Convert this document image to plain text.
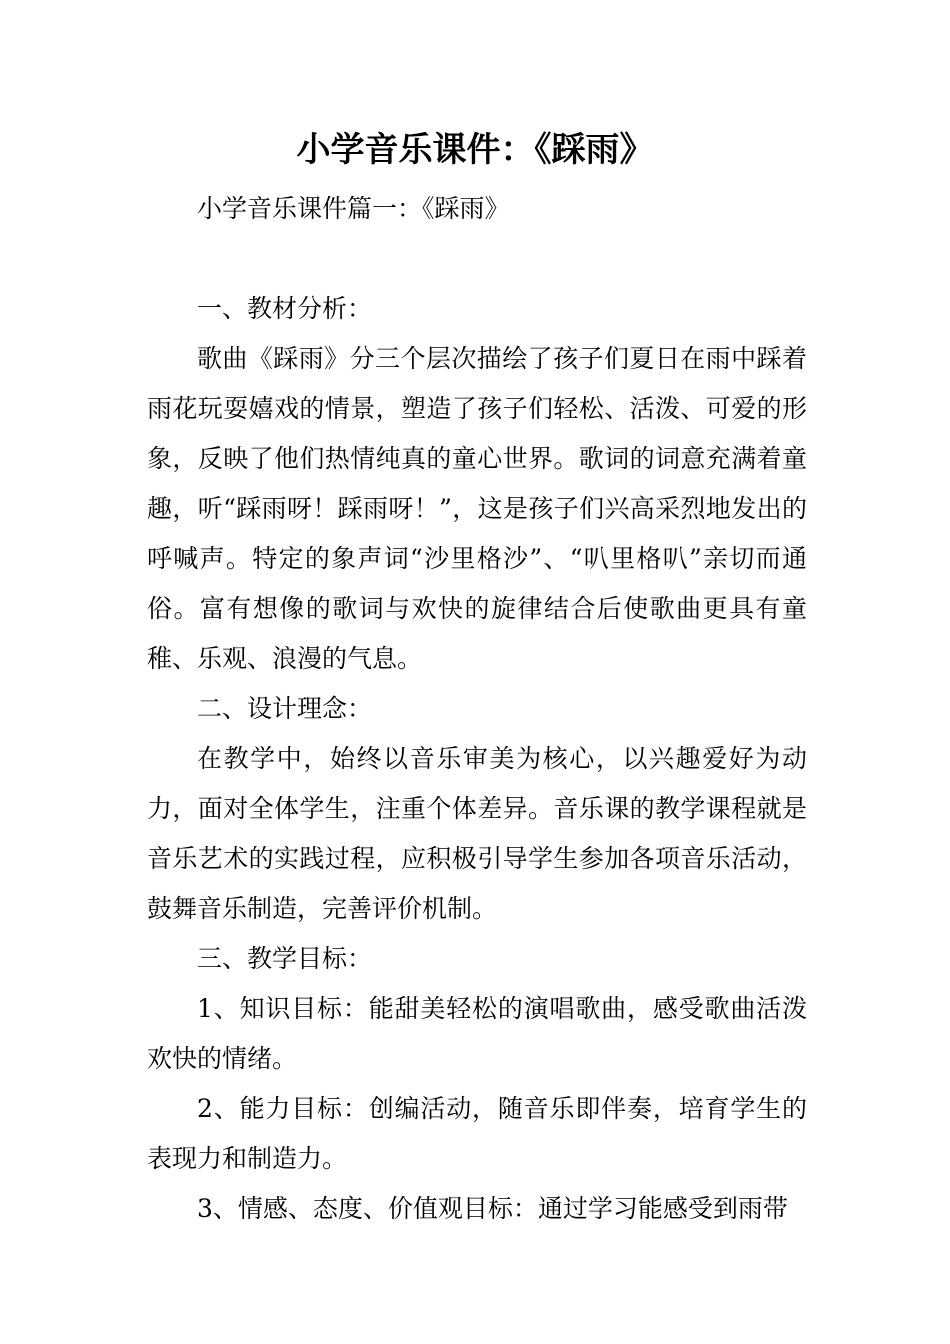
小学音乐课件：《踩雨》

小学音乐课件篇一：《踩雨》

一、教材分析：

歌曲《踩雨》分三个层次描绘了孩子们夏日在雨中踩着雨花玩耍嬉戏的情景，塑造了孩子们轻松、活泼、可爱的形象，反映了他们热情纯真的童心世界。歌词的词意充满着童趣，听“踩雨呀！踩雨呀！”，这是孩子们兴高采烈地发出的呼喊声。特定的象声词“沙里格沙”、“叭里格叭”亲切而通俗。富有想像的歌词与欢快的旋律结合后使歌曲更具有童稚、乐观、浪漫的气息。

二、设计理念：

在教学中，始终以音乐审美为核心，以兴趣爱好为动力，面对全体学生，注重个体差异。音乐课的教学课程就是音乐艺术的实践过程，应积极引导学生参加各项音乐活动，鼓舞音乐制造，完善评价机制。

三、教学目标：

1、知识目标：能甜美轻松的演唱歌曲，感受歌曲活泼欢快的情绪。

2、能力目标：创编活动，随音乐即伴奏，培育学生的表现力和制造力。

3、情感、态度、价值观目标：通过学习能感受到雨带
